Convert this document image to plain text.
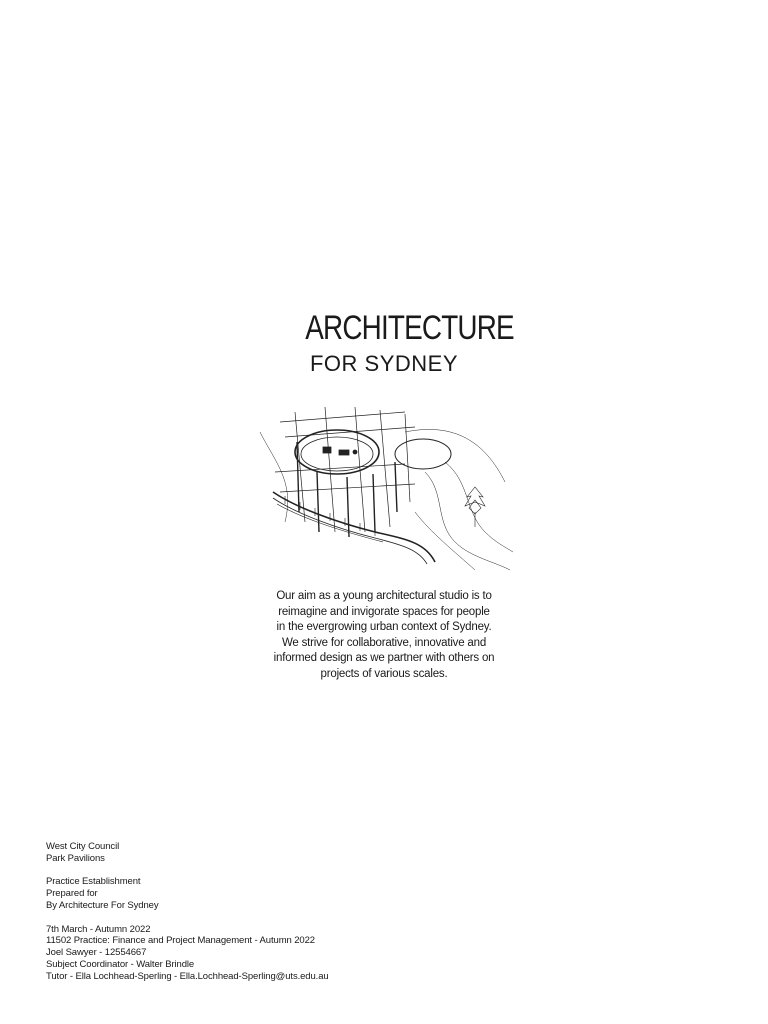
ARCHITECTURE
FOR SYDNEY
Our aim as a young architectural studio is to
reimagine and invigorate spaces for people
in the evergrowing urban context of Sydney.
We strive for collaborative, innovative and
informed design as we partner with others on
projects of various scales.
West City Council
Park Pavilions
Practice Establishment
Prepared for
By Architecture For Sydney
7th March - Autumn 2022
11502 Practice: Finance and Project Management - Autumn 2022
Joel Sawyer - 12554667
Subject Coordinator - Walter Brindle
Tutor - Ella Lochhead-Sperling - Ella.Lochhead-Sperling@uts.edu.au
